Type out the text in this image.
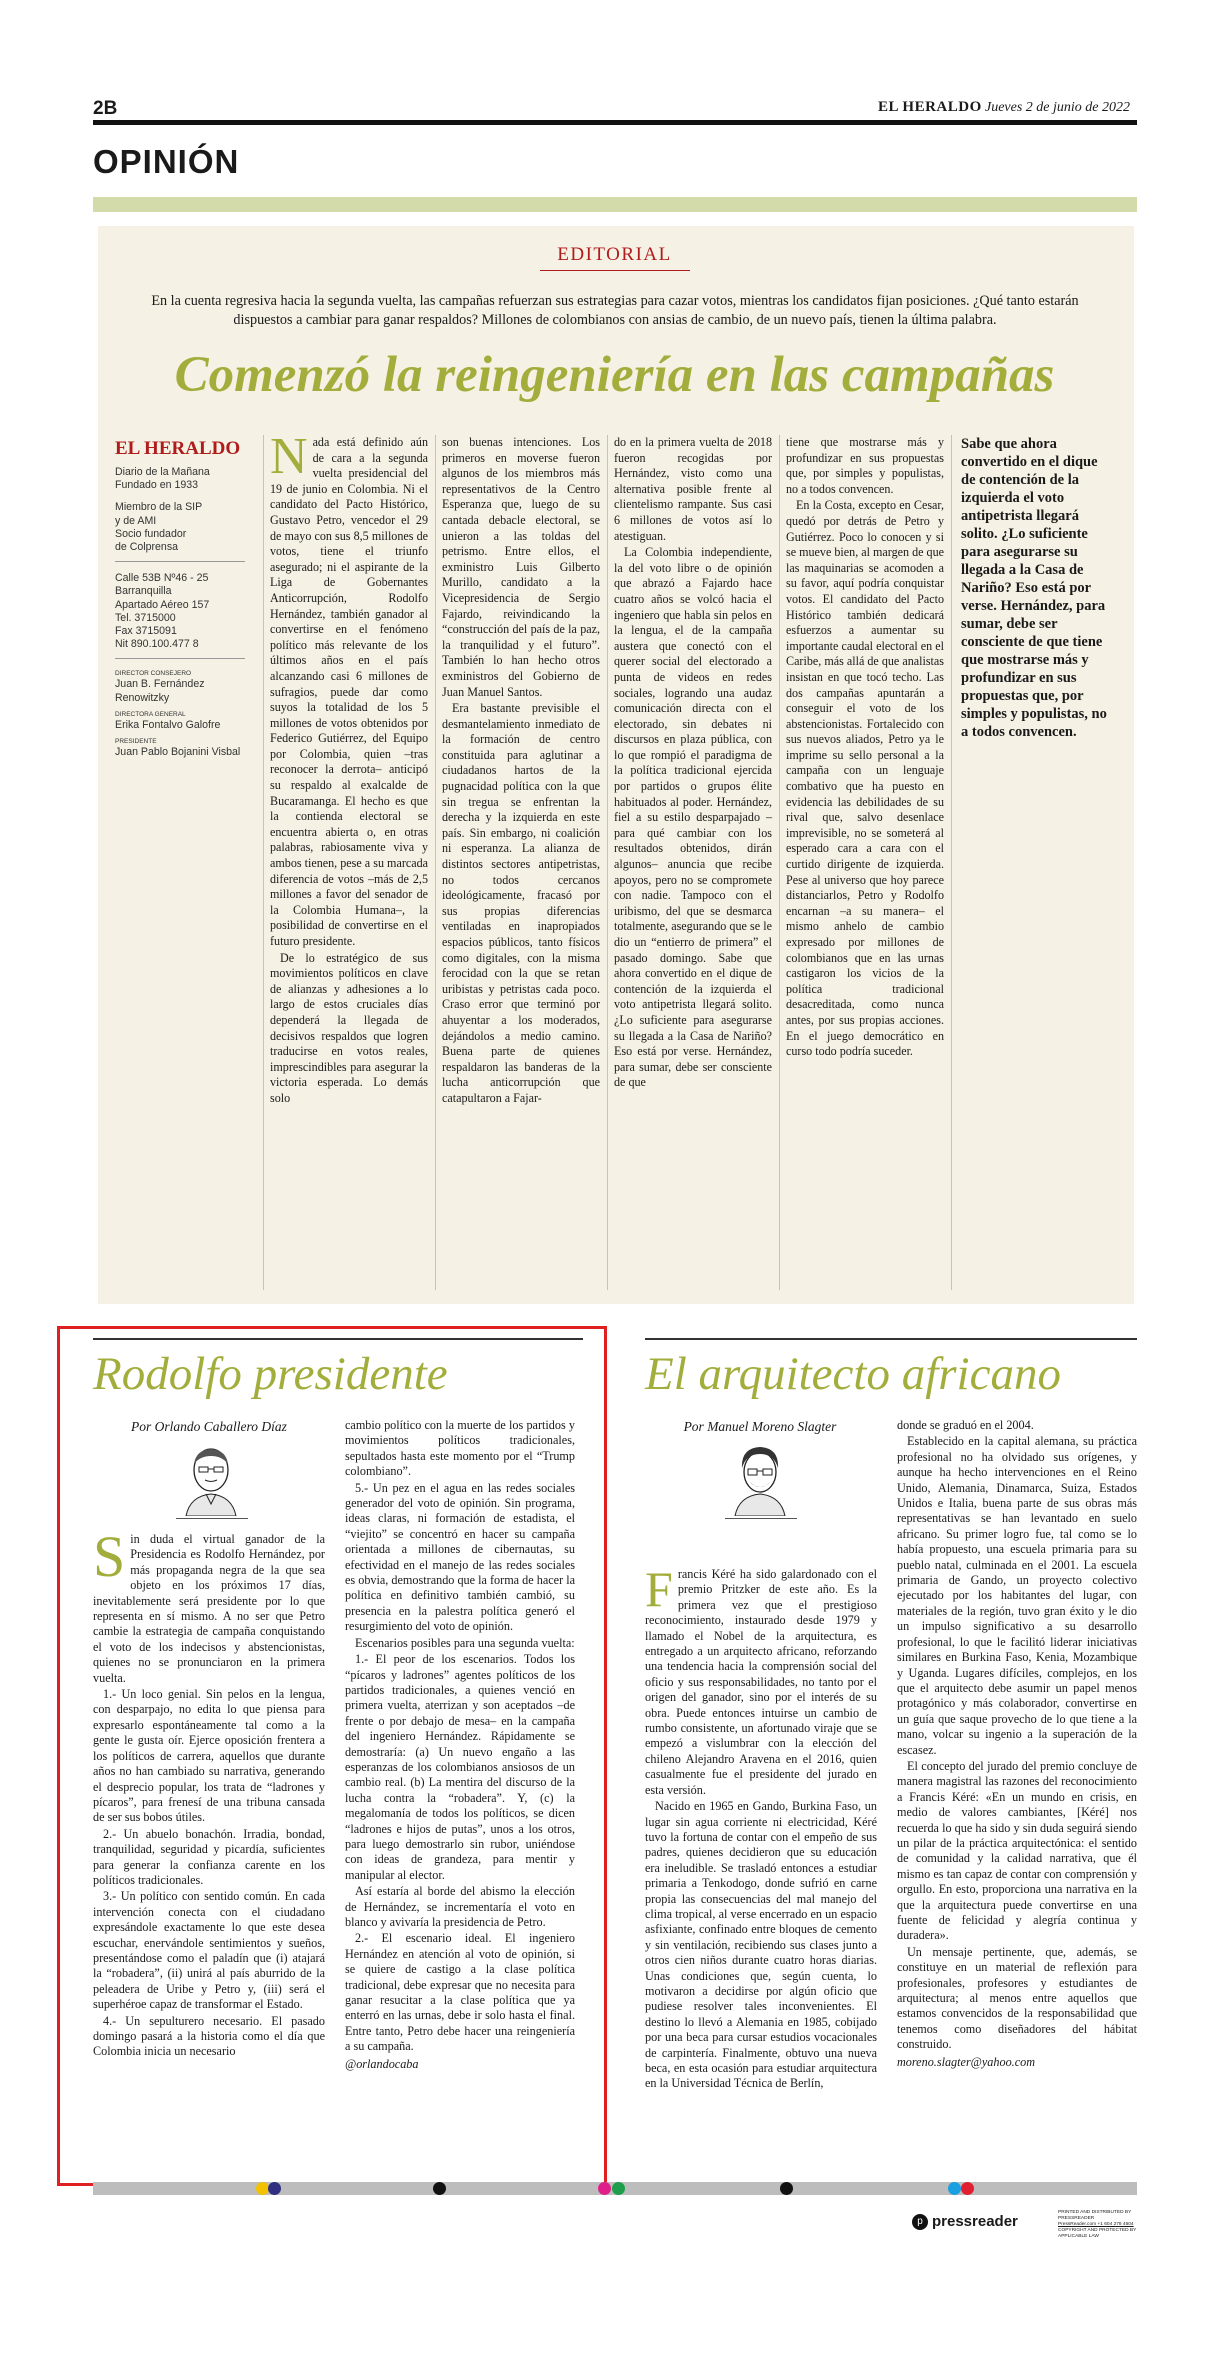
2B	EL HERALDO Jueves 2 de junio de 2022
OPINIÓN
EDITORIAL
En la cuenta regresiva hacia la segunda vuelta, las campañas refuerzan sus estrategias para cazar votos, mientras los candidatos fijan posiciones. ¿Qué tanto estarán dispuestos a cambiar para ganar respaldos? Millones de colombianos con ansias de cambio, de un nuevo país, tienen la última palabra.
Comenzó la reingeniería en las campañas
EL HERALDO
Diario de la Mañana
Fundado en 1933
Miembro de la SIP
y de AMI
Socio fundador
de Colprensa
Calle 53B Nº46 - 25
Barranquilla
Apartado Aéreo 157
Tel. 3715000
Fax 3715091
Nit 890.100.477 8
DIRECTOR CONSEJERO
Juan B. Fernández Renowitzky
DIRECTORA GENERAL
Erika Fontalvo Galofre
PRESIDENTE
Juan Pablo Bojanini Visbal

Nada está definido aún de cara a la segunda vuelta presidencial del 19 de junio en Colombia. Ni el candidato del Pacto Histórico, Gustavo Petro, vencedor el 29 de mayo con sus 8,5 millones de votos, tiene el triunfo asegurado; ni el aspirante de la Liga de Gobernantes Anticorrupción, Rodolfo Hernández, también ganador al convertirse en el fenómeno político más relevante de los últimos años en el país alcanzando casi 6 millones de sufragios, puede dar como suyos la totalidad de los 5 millones de votos obtenidos por Federico Gutiérrez, del Equipo por Colombia, quien –tras reconocer la derrota– anticipó su respaldo al exalcalde de Bucaramanga. El hecho es que la contienda electoral se encuentra abierta o, en otras palabras, rabiosamente viva y ambos tienen, pese a su marcada diferencia de votos –más de 2,5 millones a favor del senador de la Colombia Humana–, la posibilidad de convertirse en el futuro presidente.

De lo estratégico de sus movimientos políticos en clave de alianzas y adhesiones a lo largo de estos cruciales días dependerá la llegada de decisivos respaldos que logren traducirse en votos reales, imprescindibles para asegurar la victoria esperada. Lo demás solo

son buenas intenciones. Los primeros en moverse fueron algunos de los miembros más representativos de la Centro Esperanza que, luego de su cantada debacle electoral, se unieron a las toldas del petrismo. Entre ellos, el exministro Luis Gilberto Murillo, candidato a la Vicepresidencia de Sergio Fajardo, reivindicando la “construcción del país de la paz, la tranquilidad y el futuro”. También lo han hecho otros exministros del Gobierno de Juan Manuel Santos.

Era bastante previsible el desmantelamiento inmediato de la formación de centro constituida para aglutinar a ciudadanos hartos de la pugnacidad política con la que sin tregua se enfrentan la derecha y la izquierda en este país. Sin embargo, ni coalición ni esperanza. La alianza de distintos sectores antipetristas, no todos cercanos ideológicamente, fracasó por sus propias diferencias ventiladas en inapropiados espacios públicos, tanto físicos como digitales, con la misma ferocidad con la que se retan uribistas y petristas cada poco. Craso error que terminó por ahuyentar a los moderados, dejándolos a medio camino. Buena parte de quienes respaldaron las banderas de la lucha anticorrupción que catapultaron a Fajar-

do en la primera vuelta de 2018 fueron recogidas por Hernández, visto como una alternativa posible frente al clientelismo rampante. Sus casi 6 millones de votos así lo atestiguan.

La Colombia independiente, la del voto libre o de opinión que abrazó a Fajardo hace cuatro años se volcó hacia el ingeniero que habla sin pelos en la lengua, el de la campaña austera que conectó con el querer social del electorado a punta de videos en redes sociales, logrando una audaz comunicación directa con el electorado, sin debates ni discursos en plaza pública, con lo que rompió el paradigma de la política tradicional ejercida por partidos o grupos élite habituados al poder. Hernández, fiel a su estilo desparpajado –para qué cambiar con los resultados obtenidos, dirán algunos– anuncia que recibe apoyos, pero no se compromete con nadie. Tampoco con el uribismo, del que se desmarca totalmente, asegurando que se le dio un “entierro de primera” el pasado domingo. Sabe que ahora convertido en el dique de contención de la izquierda el voto antipetrista llegará solito. ¿Lo suficiente para asegurarse su llegada a la Casa de Nariño? Eso está por verse. Hernández, para sumar, debe ser consciente de que

tiene que mostrarse más y profundizar en sus propuestas que, por simples y populistas, no a todos convencen.

En la Costa, excepto en Cesar, quedó por detrás de Petro y Gutiérrez. Poco lo conocen y si se mueve bien, al margen de que las maquinarias se acomoden a su favor, aquí podría conquistar votos. El candidato del Pacto Histórico también dedicará esfuerzos a aumentar su importante caudal electoral en el Caribe, más allá de que analistas insistan en que tocó techo. Las dos campañas apuntarán a conseguir el voto de los abstencionistas. Fortalecido con sus nuevos aliados, Petro ya le imprime su sello personal a la campaña con un lenguaje combativo que ha puesto en evidencia las debilidades de su rival que, salvo desenlace imprevisible, no se someterá al esperado cara a cara con el curtido dirigente de izquierda. Pese al universo que hoy parece distanciarlos, Petro y Rodolfo encarnan –a su manera– el mismo anhelo de cambio expresado por millones de colombianos que en las urnas castigaron los vicios de la política tradicional desacreditada, como nunca antes, por sus propias acciones. En el juego democrático en curso todo podría suceder.

Sabe que ahora convertido en el dique de contención de la izquierda el voto antipetrista llegará solito. ¿Lo suficiente para asegurarse su llegada a la Casa de Nariño? Eso está por verse. Hernández, para sumar, debe ser consciente de que tiene que mostrarse más y profundizar en sus propuestas que, por simples y populistas, no a todos convencen.
Rodolfo presidente
Por Orlando Caballero Díaz

Sin duda el virtual ganador de la Presidencia es Rodolfo Hernández, por más propaganda negra de la que sea objeto en los próximos 17 días, inevitablemente será presidente por lo que representa en sí mismo. A no ser que Petro cambie la estrategia de campaña conquistando el voto de los indecisos y abstencionistas, quienes no se pronunciaron en la primera vuelta.

1.- Un loco genial. Sin pelos en la lengua, con desparpajo, no edita lo que piensa para expresarlo espontáneamente tal como a la gente le gusta oír. Ejerce oposición frentera a los políticos de carrera, aquellos que durante años no han cambiado su narrativa, generando el desprecio popular, los trata de “ladrones y pícaros”, para frenesí de una tribuna cansada de ser sus bobos útiles.

2.- Un abuelo bonachón. Irradia, bondad, tranquilidad, seguridad y picardía, suficientes para generar la confianza carente en los políticos tradicionales.

3.- Un político con sentido común. En cada intervención conecta con el ciudadano expresándole exactamente lo que este desea escuchar, enervándole sentimientos y sueños, presentándose como el paladín que (i) atajará la “robadera”, (ii) unirá al país aburrido de la peleadera de Uribe y Petro y, (iii) será el superhéroe capaz de transformar el Estado.

4.- Un sepulturero necesario. El pasado domingo pasará a la historia como el día que Colombia inicia un necesario

cambio político con la muerte de los partidos y movimientos políticos tradicionales, sepultados hasta este momento por el “Trump colombiano”.

5.- Un pez en el agua en las redes sociales generador del voto de opinión. Sin programa, ideas claras, ni formación de estadista, el “viejito” se concentró en hacer su campaña orientada a millones de cibernautas, su efectividad en el manejo de las redes sociales es obvia, demostrando que la forma de hacer la política en definitivo también cambió, su presencia en la palestra política generó el resurgimiento del voto de opinión.

Escenarios posibles para una segunda vuelta:

1.- El peor de los escenarios. Todos los “pícaros y ladrones” agentes políticos de los partidos tradicionales, a quienes venció en primera vuelta, aterrizan y son aceptados –de frente o por debajo de mesa– en la campaña del ingeniero Hernández. Rápidamente se demostraría: (a) Un nuevo engaño a las esperanzas de los colombianos ansiosos de un cambio real. (b) La mentira del discurso de la lucha contra la “robadera”. Y, (c) la megalomanía de todos los políticos, se dicen “ladrones e hijos de putas”, unos a los otros, para luego demostrarlo sin rubor, uniéndose con ideas de grandeza, para mentir y manipular al elector.

Así estaría al borde del abismo la elección de Hernández, se incrementaría el voto en blanco y avivaría la presidencia de Petro.

2.- El escenario ideal. El ingeniero Hernández en atención al voto de opinión, si se quiere de castigo a la clase política tradicional, debe expresar que no necesita para ganar resucitar a la clase política que ya enterró en las urnas, debe ir solo hasta el final. Entre tanto, Petro debe hacer una reingeniería a su campaña.

@orlandocaba

El arquitecto africano
Por Manuel Moreno Slagter

Francis Kéré ha sido galardonado con el premio Pritzker de este año. Es la primera vez que el prestigioso reconocimiento, instaurado desde 1979 y llamado el Nobel de la arquitectura, es entregado a un arquitecto africano, reforzando una tendencia hacia la comprensión social del oficio y sus responsabilidades, no tanto por el origen del ganador, sino por el interés de su obra. Puede entonces intuirse un cambio de rumbo consistente, un afortunado viraje que se empezó a vislumbrar con la elección del chileno Alejandro Aravena en el 2016, quien casualmente fue el presidente del jurado en esta versión.

Nacido en 1965 en Gando, Burkina Faso, un lugar sin agua corriente ni electricidad, Kéré tuvo la fortuna de contar con el empeño de sus padres, quienes decidieron que su educación era ineludible. Se trasladó entonces a estudiar primaria a Tenkodogo, donde sufrió en carne propia las consecuencias del mal manejo del clima tropical, al verse encerrado en un espacio asfixiante, confinado entre bloques de cemento y sin ventilación, recibiendo sus clases junto a otros cien niños durante cuatro horas diarias. Unas condiciones que, según cuenta, lo motivaron a decidirse por algún oficio que pudiese resolver tales inconvenientes. El destino lo llevó a Alemania en 1985, cobijado por una beca para cursar estudios vocacionales de carpintería. Finalmente, obtuvo una nueva beca, en esta ocasión para estudiar arquitectura en la Universidad Técnica de Berlín,

donde se graduó en el 2004.

Establecido en la capital alemana, su práctica profesional no ha olvidado sus orígenes, y aunque ha hecho intervenciones en el Reino Unido, Alemania, Dinamarca, Suiza, Estados Unidos e Italia, buena parte de sus obras más representativas se han levantado en suelo africano. Su primer logro fue, tal como se lo había propuesto, una escuela primaria para su pueblo natal, culminada en el 2001. La escuela primaria de Gando, un proyecto colectivo ejecutado por los habitantes del lugar, con materiales de la región, tuvo gran éxito y le dio un impulso significativo a su desarrollo profesional, lo que le facilitó liderar iniciativas similares en Burkina Faso, Kenia, Mozambique y Uganda. Lugares difíciles, complejos, en los que el arquitecto debe asumir un papel menos protagónico y más colaborador, convertirse en un guía que saque provecho de lo que tiene a la mano, volcar su ingenio a la superación de la escasez.

El concepto del jurado del premio concluye de manera magistral las razones del reconocimiento a Francis Kéré: «En un mundo en crisis, en medio de valores cambiantes, [Kéré] nos recuerda lo que ha sido y sin duda seguirá siendo un pilar de la práctica arquitectónica: el sentido de comunidad y la calidad narrativa, que él mismo es tan capaz de contar con comprensión y orgullo. En esto, proporciona una narrativa en la que la arquitectura puede convertirse en una fuente de felicidad y alegría continua y duradera».

Un mensaje pertinente, que, además, se constituye en un material de reflexión para profesionales, profesores y estudiantes de arquitectura; al menos entre aquellos que estamos convencidos de la responsabilidad que tenemos como diseñadores del hábitat construido.

moreno.slagter@yahoo.com

p pressreader
PRINTED AND DISTRIBUTED BY PRESSREADER
PressReader.com +1 604 278 4604
COPYRIGHT AND PROTECTED BY APPLICABLE LAW
